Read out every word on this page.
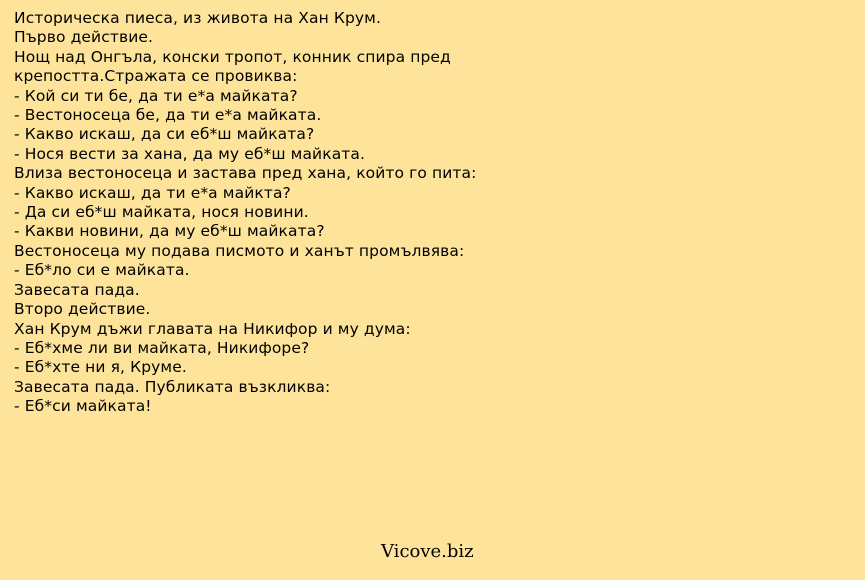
Историческа пиеса, из живота на Хан Крум.
Първо действие.
Нощ над Онгъла, конски тропот, конник спира пред
крепостта.Стражата се провиква:
- Кой си ти бе, да ти е*а майката?
- Вестоносеца бе, да ти е*а майката.
- Какво искаш, да си еб*ш майката?
- Нося вести за хана, да му еб*ш майката.
Влиза вестоносеца и застава пред хана, който го пита:
- Какво искаш, да ти е*а майкта?
- Да си еб*ш майката, нося новини.
- Какви новини, да му еб*ш майката?
Вестоносеца му подава писмото и ханът промълвява:
- Еб*ло си е майката.
Завесата пада.
Второ действие.
Хан Крум дъжи главата на Никифор и му дума:
- Еб*хме ли ви майката, Никифоре?
- Еб*хте ни я, Круме.
Завесата пада. Публиката възкликва:
- Еб*си майката!
Vicove.biz
